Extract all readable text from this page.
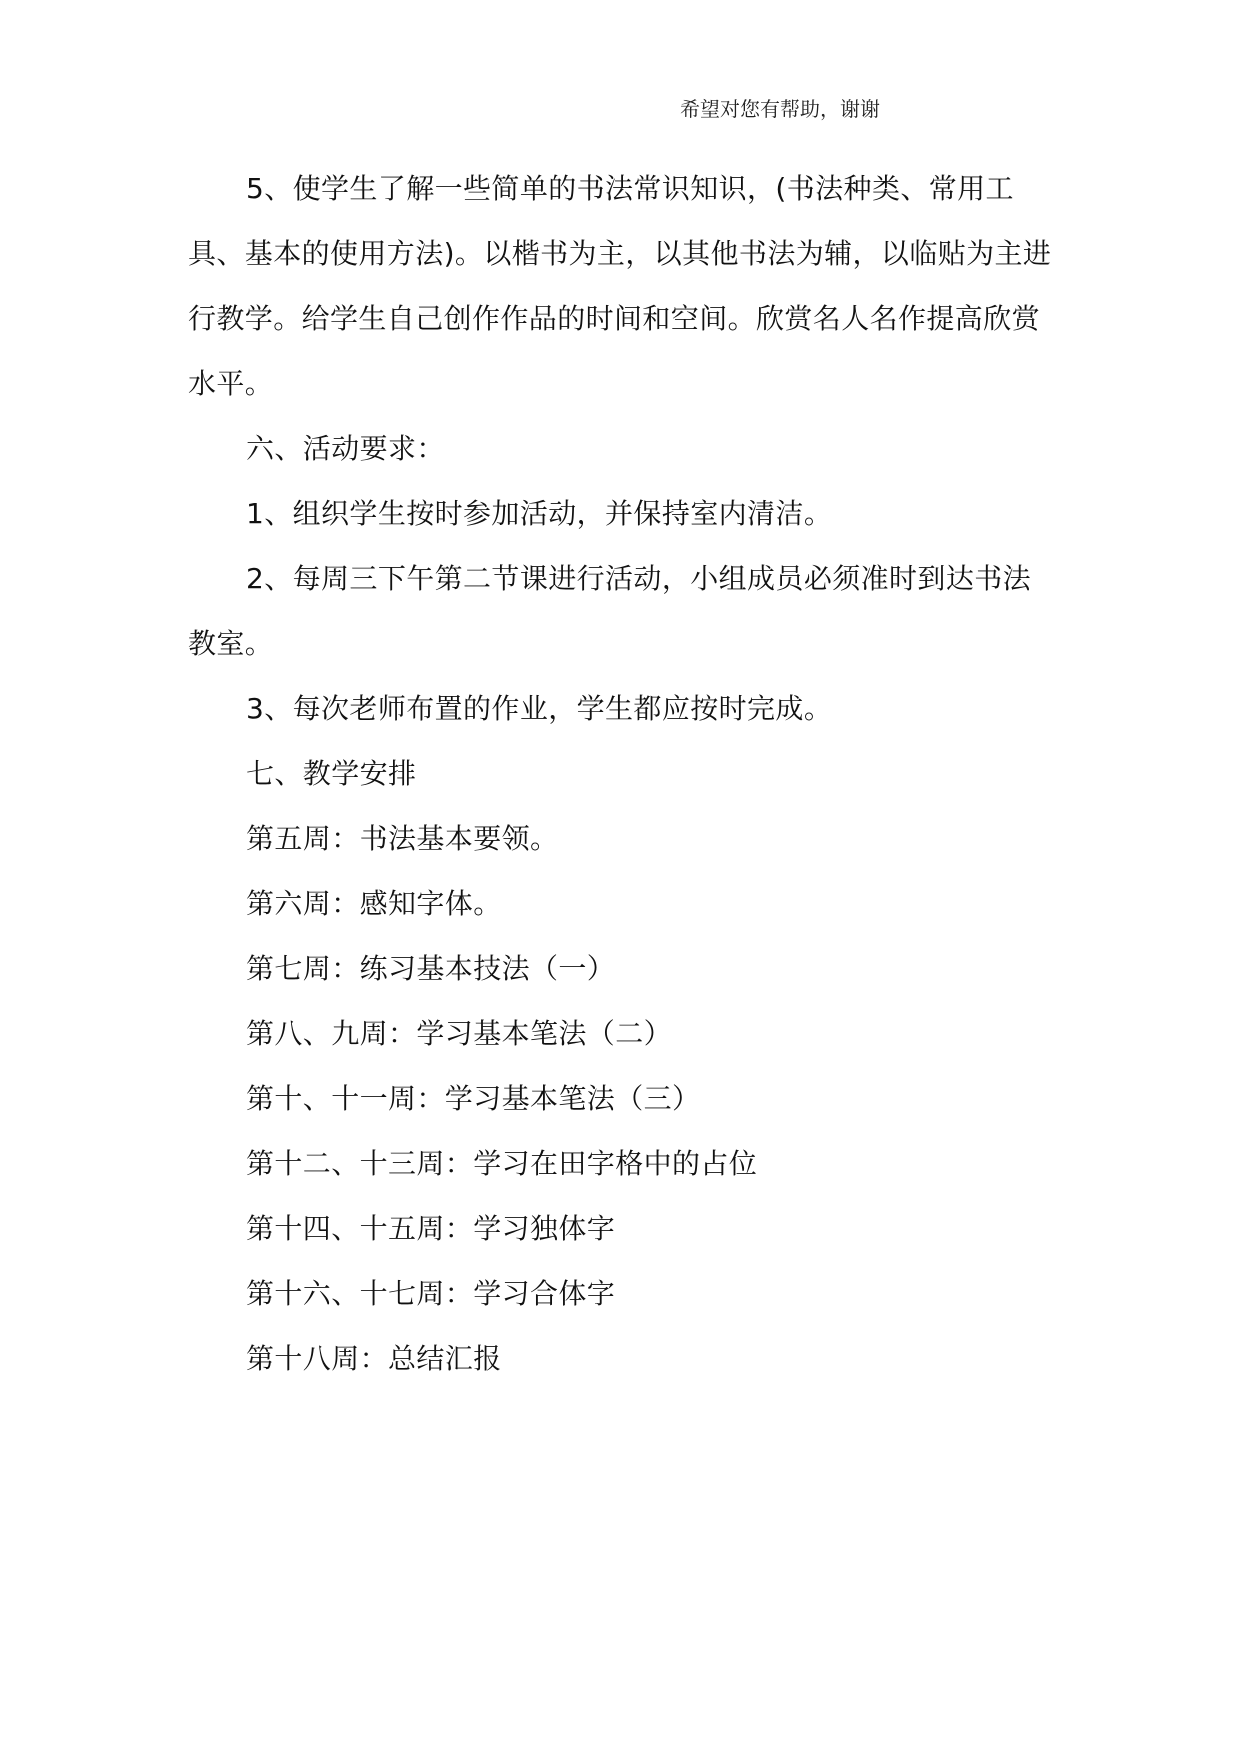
希望对您有帮助，谢谢

5、使学生了解一些简单的书法常识知识，(书法种类、常用工具、基本的使用方法)。以楷书为主，以其他书法为辅，以临贴为主进行教学。给学生自己创作作品的时间和空间。欣赏名人名作提高欣赏水平。

六、活动要求：

1、组织学生按时参加活动，并保持室内清洁。

2、每周三下午第二节课进行活动，小组成员必须准时到达书法教室。

3、每次老师布置的作业，学生都应按时完成。

七、教学安排

第五周：书法基本要领。

第六周：感知字体。

第七周：练习基本技法（一）

第八、九周：学习基本笔法（二）

第十、十一周：学习基本笔法（三）

第十二、十三周：学习在田字格中的占位

第十四、十五周：学习独体字

第十六、十七周：学习合体字

第十八周：总结汇报
